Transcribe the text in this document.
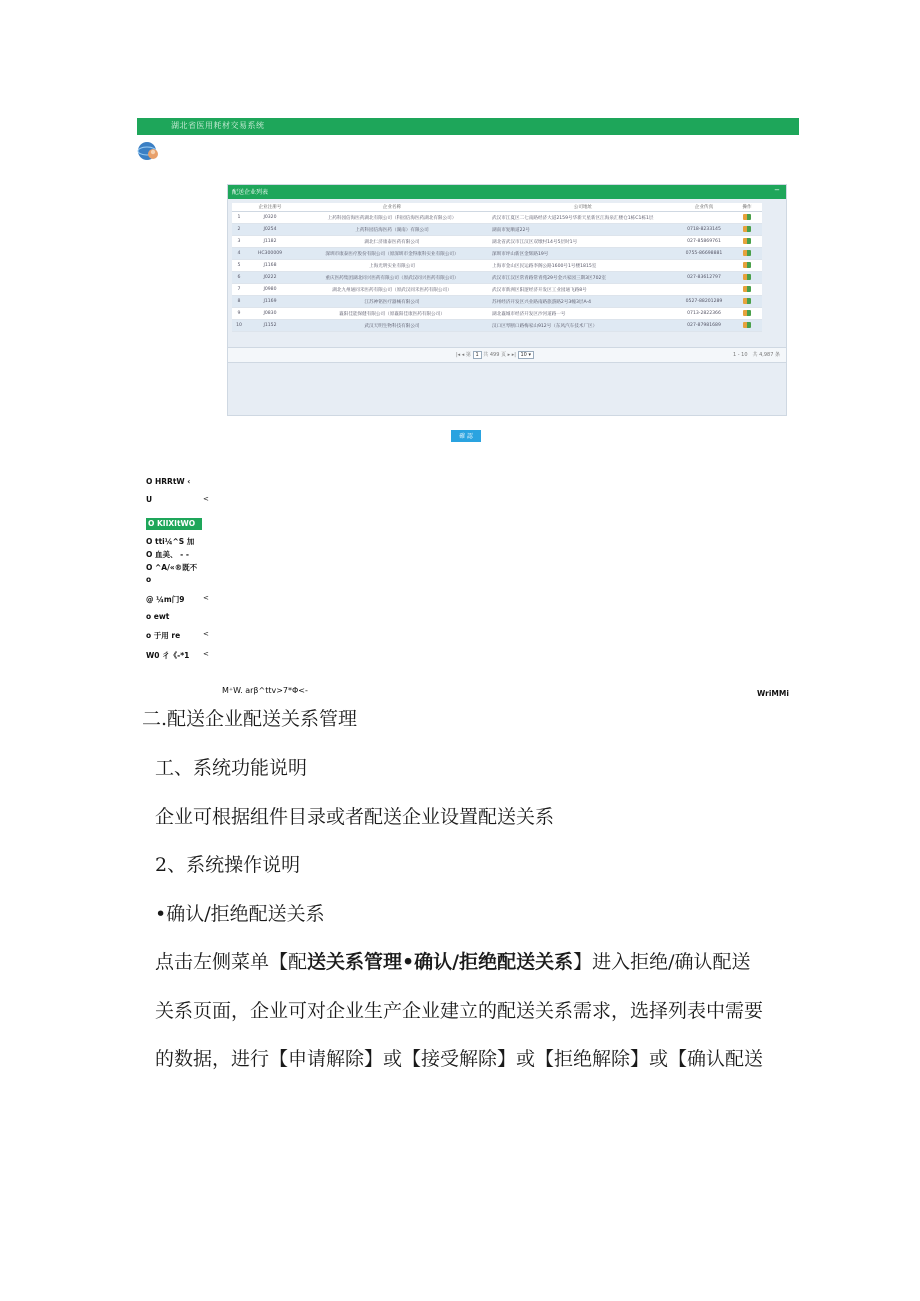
湖北省医用耗材交易系统
配送企业列表	−
	企业注册号	企业名称	公司地址	企业传真	操作
1	J0320	上药科园信海医药湖北有限公司（科园信海医药湖北有限公司）	武汉市江夏区二七南路经济大道2159号华新天星新区江海泉汇楼仓1栋C1栋1层		
2	J0254	上药科园信海医药（湖南）有限公司	湖南市复顺道22号	0718-8233145	
3	J1182	湖北仁济康泰医药有限公司	湖北省武汉市江汉区双墩村14号5层时1号	027-85869761	
4	HC300009	深圳市康泰医疗股份有限公司（原深圳市金得康科实业有限公司）	深圳市坪山新区金辉路19号	0755-86698881	
5	J1168	上海光明实业有限公司	上海市金山区民运路李阁公路1600号1号楼1815室		
6	J0222	重庆医药集团湖北同兴医药有限公司（原武汉同兴医药有限公司）	武汉市江汉区常青路常青苑29号金兴家园三期3区702室	027-83612797	
7	J0980	湖北九州通同禾医药有限公司（原武汉同禾医药有限公司）	武汉市新洲区阳逻经济开发区工业园通飞路8号		
8	J1169	江苏神铭医疗器械有限公司	苏州经济开发区兴业路南路旅游路2号3幢3层A-4	0527-88201289	
9	J0830	襄阳佳能保健有限公司（原襄阳佳康医药有限公司）	湖北襄城市经济开发区沙河道路一号	0713-2822366	
10	J1152	武汉天明生物科技有限公司	汉口区琴断口路梅家山912号（东风汽车技术厂区）	027-87981689	
|◂ ◂ 第 1 共 499 页 ▸ ▸| 10 ▾	1 - 10　共 4,987 条
確 認
O HRRtW ‹
U	<
O KIIXItWO
O tti¼^S 加
O 血美、 - -
O ^A/«®既不
o
@ ¼m门9	<
o ewt
o 于用 re	<
W0 彳《-*1 <
M⁺W. arβ^ttv>7*Φ<-	WriMMi
二.配送企业配送关系管理
工、系统功能说明
企业可根据组件目录或者配送企业设置配送关系
2、系统操作说明
•确认/拒绝配送关系
点击左侧菜单【配送关系管理•确认/拒绝配送关系】进入拒绝/确认配送
关系页面，企业可对企业生产企业建立的配送关系需求，选择列表中需要
的数据，进行【申请解除】或【接受解除】或【拒绝解除】或【确认配送
